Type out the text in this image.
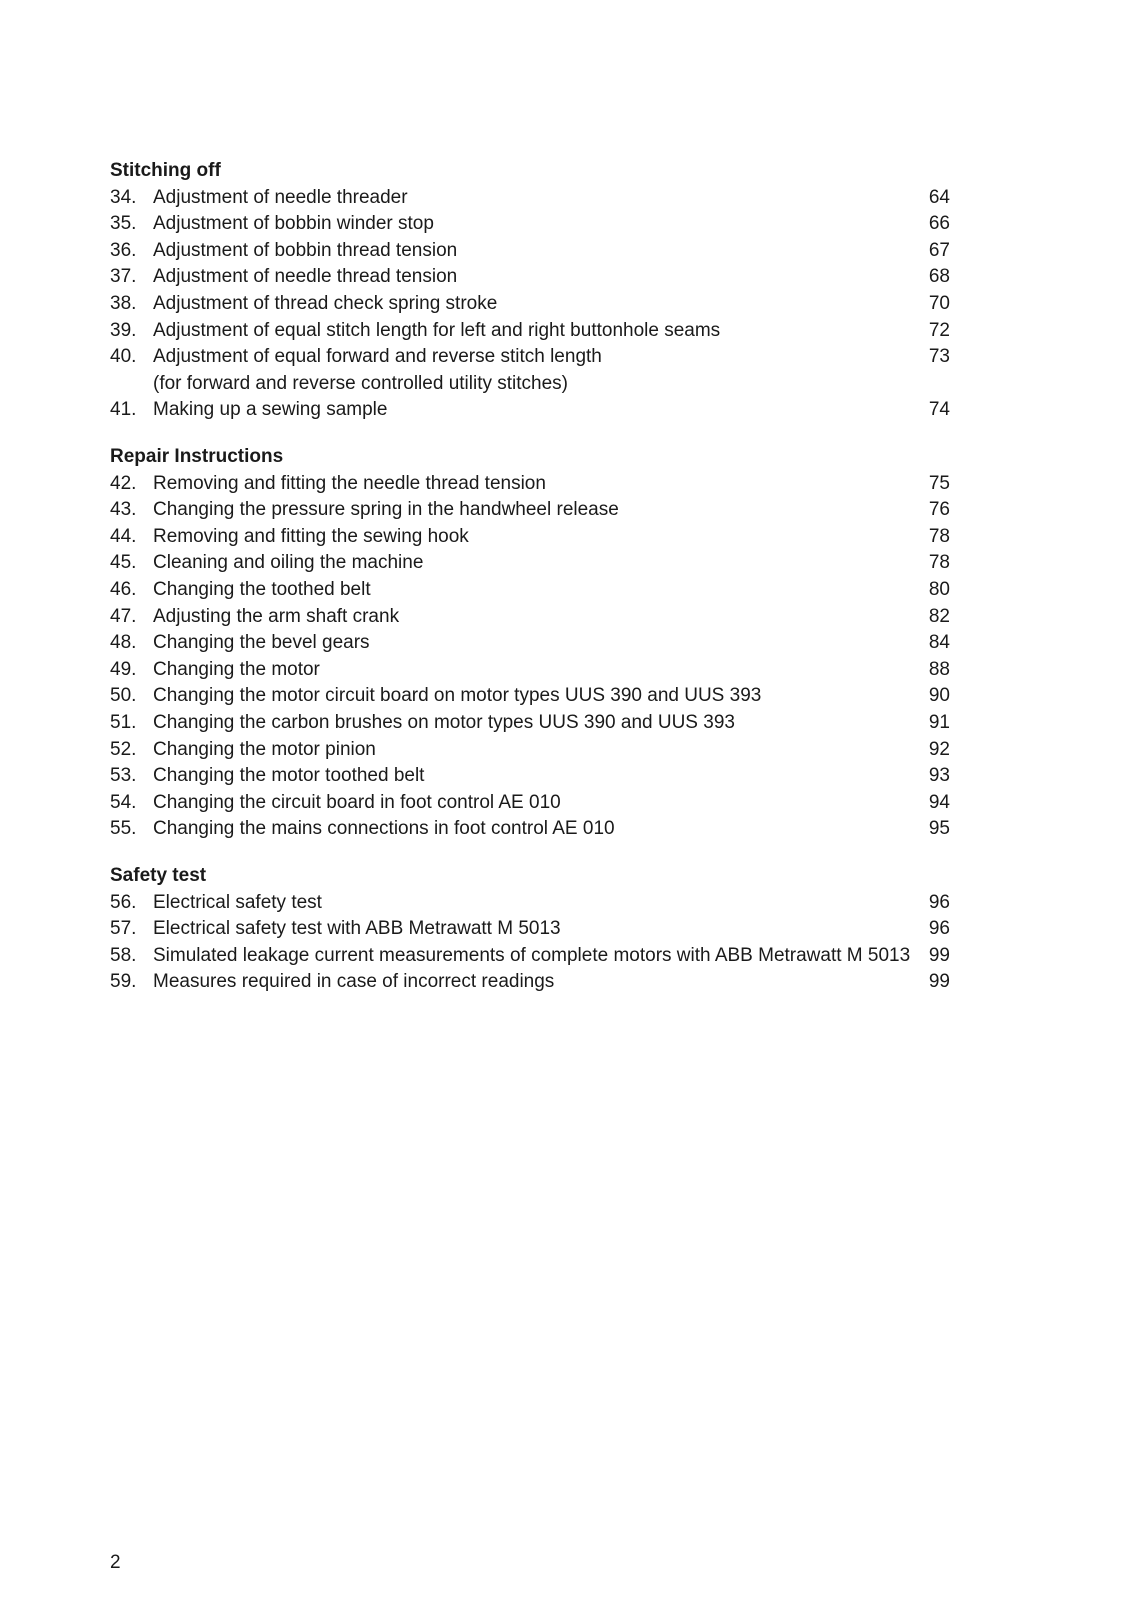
Stitching off
34. Adjustment of needle threader	64
35. Adjustment of bobbin winder stop	66
36. Adjustment of bobbin thread tension	67
37. Adjustment of needle thread tension	68
38. Adjustment of thread check spring stroke	70
39. Adjustment of equal stitch length for left and right buttonhole seams	72
40. Adjustment of equal forward and reverse stitch length	73
(for forward and reverse controlled utility stitches)
41. Making up a sewing sample	74
Repair Instructions
42. Removing and fitting the needle thread tension	75
43. Changing the pressure spring in the handwheel release	76
44. Removing and fitting the sewing hook	78
45. Cleaning and oiling the machine	78
46. Changing the toothed belt	80
47. Adjusting the arm shaft crank	82
48. Changing the bevel gears	84
49. Changing the motor	88
50. Changing the motor circuit board on motor types UUS 390 and UUS 393	90
51. Changing the carbon brushes on motor types UUS 390 and UUS 393	91
52. Changing the motor pinion	92
53. Changing the motor toothed belt	93
54. Changing the circuit board in foot control AE 010	94
55. Changing the mains connections in foot control AE 010	95
Safety test
56. Electrical safety test	96
57. Electrical safety test with ABB Metrawatt M 5013	96
58. Simulated leakage current measurements of complete motors with ABB Metrawatt M 5013 99
59. Measures required in case of incorrect readings	99
2
